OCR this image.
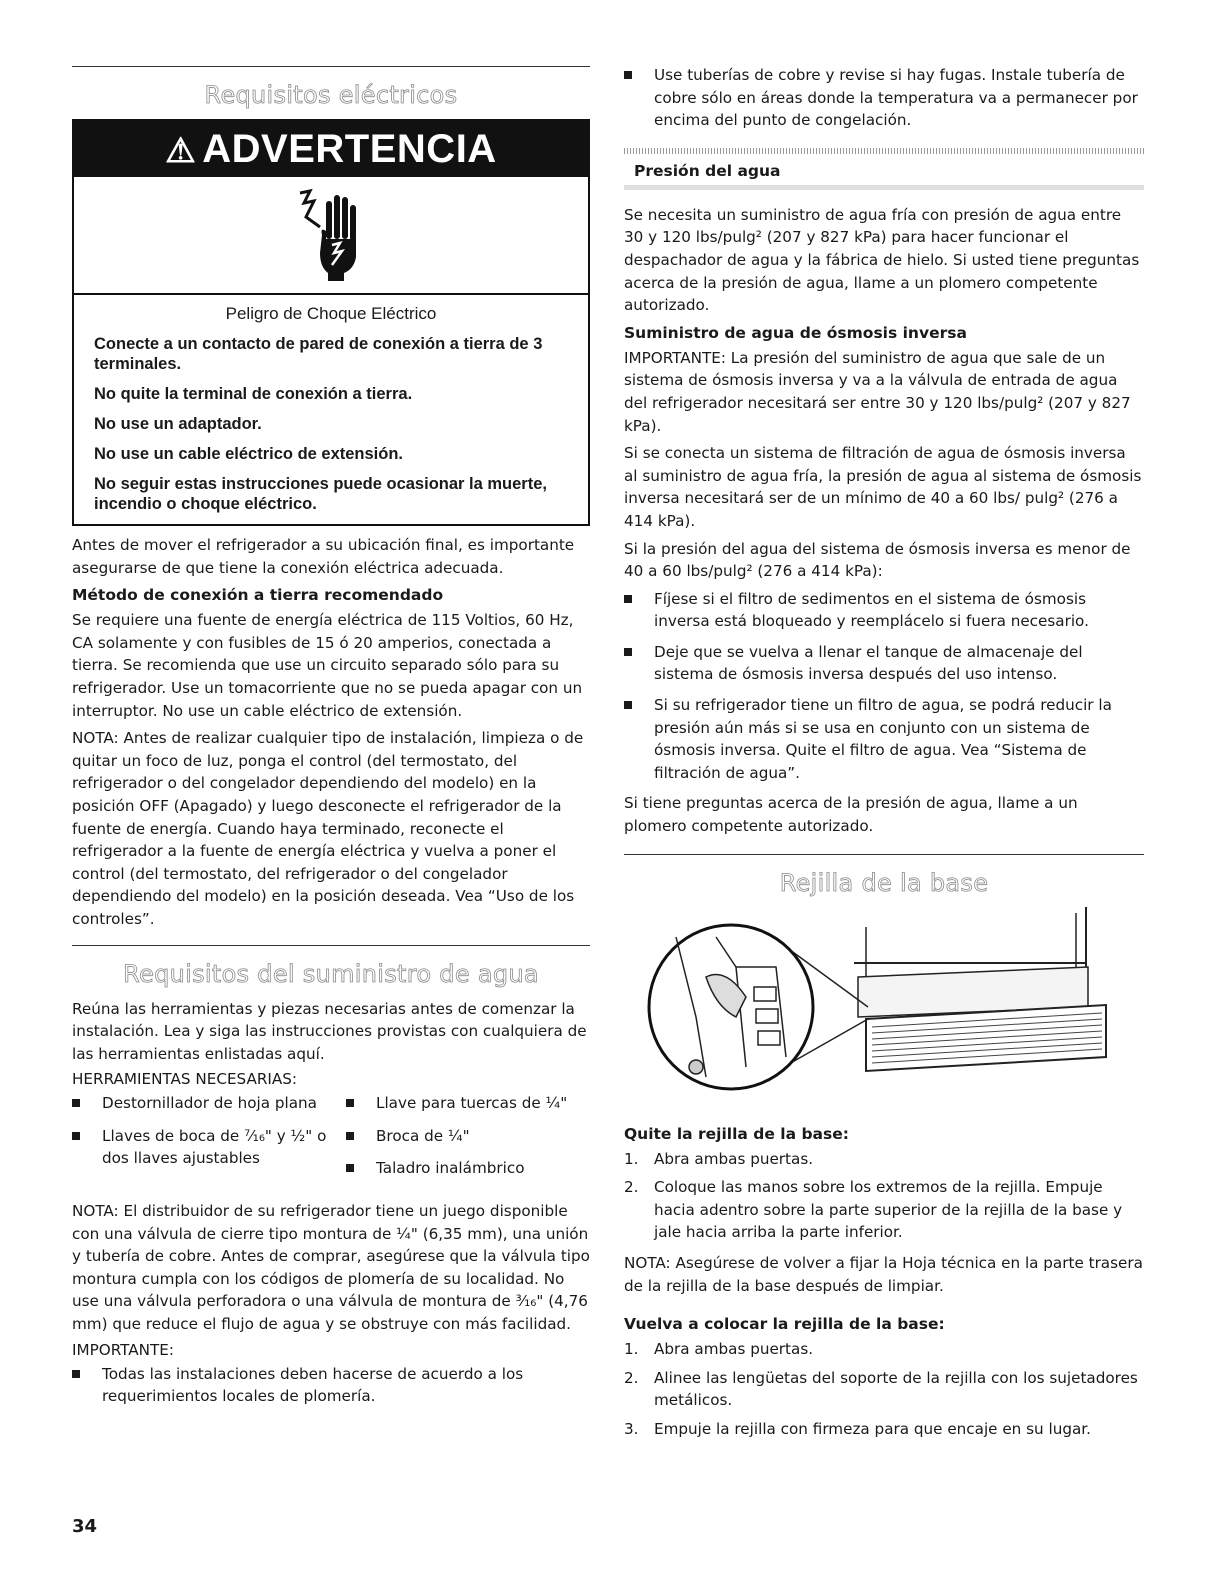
Requisitos eléctricos
⚠ ADVERTENCIA

Peligro de Choque Eléctrico

Conecte a un contacto de pared de conexión a tierra de 3 terminales.

No quite la terminal de conexión a tierra.

No use un adaptador.

No use un cable eléctrico de extensión.

No seguir estas instrucciones puede ocasionar la muerte, incendio o choque eléctrico.

Antes de mover el refrigerador a su ubicación final, es importante asegurarse de que tiene la conexión eléctrica adecuada.

Método de conexión a tierra recomendado

Se requiere una fuente de energía eléctrica de 115 Voltios, 60 Hz, CA solamente y con fusibles de 15 ó 20 amperios, conectada a tierra. Se recomienda que use un circuito separado sólo para su refrigerador. Use un tomacorriente que no se pueda apagar con un interruptor. No use un cable eléctrico de extensión.

NOTA: Antes de realizar cualquier tipo de instalación, limpieza o de quitar un foco de luz, ponga el control (del termostato, del refrigerador o del congelador dependiendo del modelo) en la posición OFF (Apagado) y luego desconecte el refrigerador de la fuente de energía. Cuando haya terminado, reconecte el refrigerador a la fuente de energía eléctrica y vuelva a poner el control (del termostato, del refrigerador o del congelador dependiendo del modelo) en la posición deseada. Vea “Uso de los controles”.

Requisitos del suministro de agua

Reúna las herramientas y piezas necesarias antes de comenzar la instalación. Lea y siga las instrucciones provistas con cualquiera de las herramientas enlistadas aquí.

HERRAMIENTAS NECESARIAS:
Destornillador de hoja plana
Llaves de boca de ⁷⁄₁₆" y ½" o dos llaves ajustables
Llave para tuercas de ¼"
Broca de ¼"
Taladro inalámbrico

NOTA: El distribuidor de su refrigerador tiene un juego disponible con una válvula de cierre tipo montura de ¼" (6,35 mm), una unión y tubería de cobre. Antes de comprar, asegúrese que la válvula tipo montura cumpla con los códigos de plomería de su localidad. No use una válvula perforadora o una válvula de montura de ³⁄₁₆" (4,76 mm) que reduce el flujo de agua y se obstruye con más facilidad.

IMPORTANTE:
Todas las instalaciones deben hacerse de acuerdo a los requerimientos locales de plomería.
Use tuberías de cobre y revise si hay fugas. Instale tubería de cobre sólo en áreas donde la temperatura va a permanecer por encima del punto de congelación.
Presión del agua

Se necesita un suministro de agua fría con presión de agua entre 30 y 120 lbs/pulg² (207 y 827 kPa) para hacer funcionar el despachador de agua y la fábrica de hielo. Si usted tiene preguntas acerca de la presión de agua, llame a un plomero competente autorizado.

Suministro de agua de ósmosis inversa

IMPORTANTE: La presión del suministro de agua que sale de un sistema de ósmosis inversa y va a la válvula de entrada de agua del refrigerador necesitará ser entre 30 y 120 lbs/pulg² (207 y 827 kPa).

Si se conecta un sistema de filtración de agua de ósmosis inversa al suministro de agua fría, la presión de agua al sistema de ósmosis inversa necesitará ser de un mínimo de 40 a 60 lbs/ pulg² (276 a 414 kPa).

Si la presión del agua del sistema de ósmosis inversa es menor de 40 a 60 lbs/pulg² (276 a 414 kPa):

Fíjese si el filtro de sedimentos en el sistema de ósmosis inversa está bloqueado y reemplácelo si fuera necesario.
Deje que se vuelva a llenar el tanque de almacenaje del sistema de ósmosis inversa después del uso intenso.
Si su refrigerador tiene un filtro de agua, se podrá reducir la presión aún más si se usa en conjunto con un sistema de ósmosis inversa. Quite el filtro de agua. Vea “Sistema de filtración de agua”.

Si tiene preguntas acerca de la presión de agua, llame a un plomero competente autorizado.

Rejilla de la base
Quite la rejilla de la base:
1. Abra ambas puertas.
2. Coloque las manos sobre los extremos de la rejilla. Empuje hacia adentro sobre la parte superior de la rejilla de la base y jale hacia arriba la parte inferior.

NOTA: Asegúrese de volver a fijar la Hoja técnica en la parte trasera de la rejilla de la base después de limpiar.

Vuelva a colocar la rejilla de la base:
1. Abra ambas puertas.
2. Alinee las lengüetas del soporte de la rejilla con los sujetadores metálicos.
3. Empuje la rejilla con firmeza para que encaje en su lugar.
34
